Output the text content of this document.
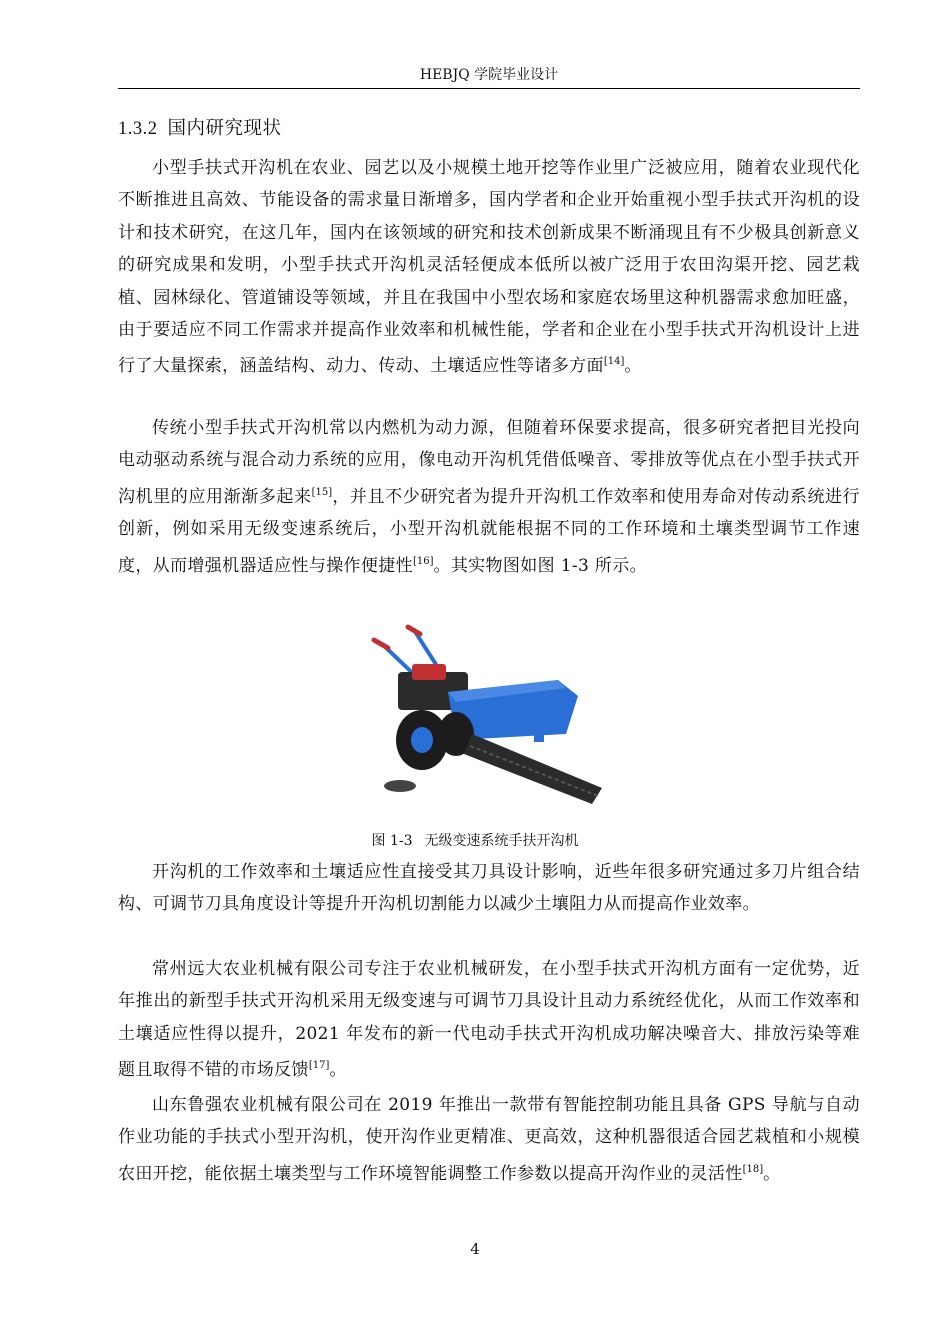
HEBJQ 学院毕业设计
1.3.2 国内研究现状

小型手扶式开沟机在农业、园艺以及小规模土地开挖等作业里广泛被应用，随着农业现代化不断推进且高效、节能设备的需求量日渐增多，国内学者和企业开始重视小型手扶式开沟机的设计和技术研究，在这几年，国内在该领域的研究和技术创新成果不断涌现且有不少极具创新意义的研究成果和发明，小型手扶式开沟机灵活轻便成本低所以被广泛用于农田沟渠开挖、园艺栽植、园林绿化、管道铺设等领域，并且在我国中小型农场和家庭农场里这种机器需求愈加旺盛，由于要适应不同工作需求并提高作业效率和机械性能，学者和企业在小型手扶式开沟机设计上进行了大量探索，涵盖结构、动力、传动、土壤适应性等诸多方面[14]。

传统小型手扶式开沟机常以内燃机为动力源，但随着环保要求提高，很多研究者把目光投向电动驱动系统与混合动力系统的应用，像电动开沟机凭借低噪音、零排放等优点在小型手扶式开沟机里的应用渐渐多起来[15]，并且不少研究者为提升开沟机工作效率和使用寿命对传动系统进行创新，例如采用无级变速系统后，小型开沟机就能根据不同的工作环境和土壤类型调节工作速度，从而增强机器适应性与操作便捷性[16]。其实物图如图 1-3 所示。

图 1-3 无级变速系统手扶开沟机

开沟机的工作效率和土壤适应性直接受其刀具设计影响，近些年很多研究通过多刀片组合结构、可调节刀具角度设计等提升开沟机切割能力以减少土壤阻力从而提高作业效率。

常州远大农业机械有限公司专注于农业机械研发，在小型手扶式开沟机方面有一定优势，近年推出的新型手扶式开沟机采用无级变速与可调节刀具设计且动力系统经优化，从而工作效率和土壤适应性得以提升，2021 年发布的新一代电动手扶式开沟机成功解决噪音大、排放污染等难题且取得不错的市场反馈[17]。

山东鲁强农业机械有限公司在 2019 年推出一款带有智能控制功能且具备 GPS 导航与自动作业功能的手扶式小型开沟机，使开沟作业更精准、更高效，这种机器很适合园艺栽植和小规模农田开挖，能依据土壤类型与工作环境智能调整工作参数以提高开沟作业的灵活性[18]。

4
